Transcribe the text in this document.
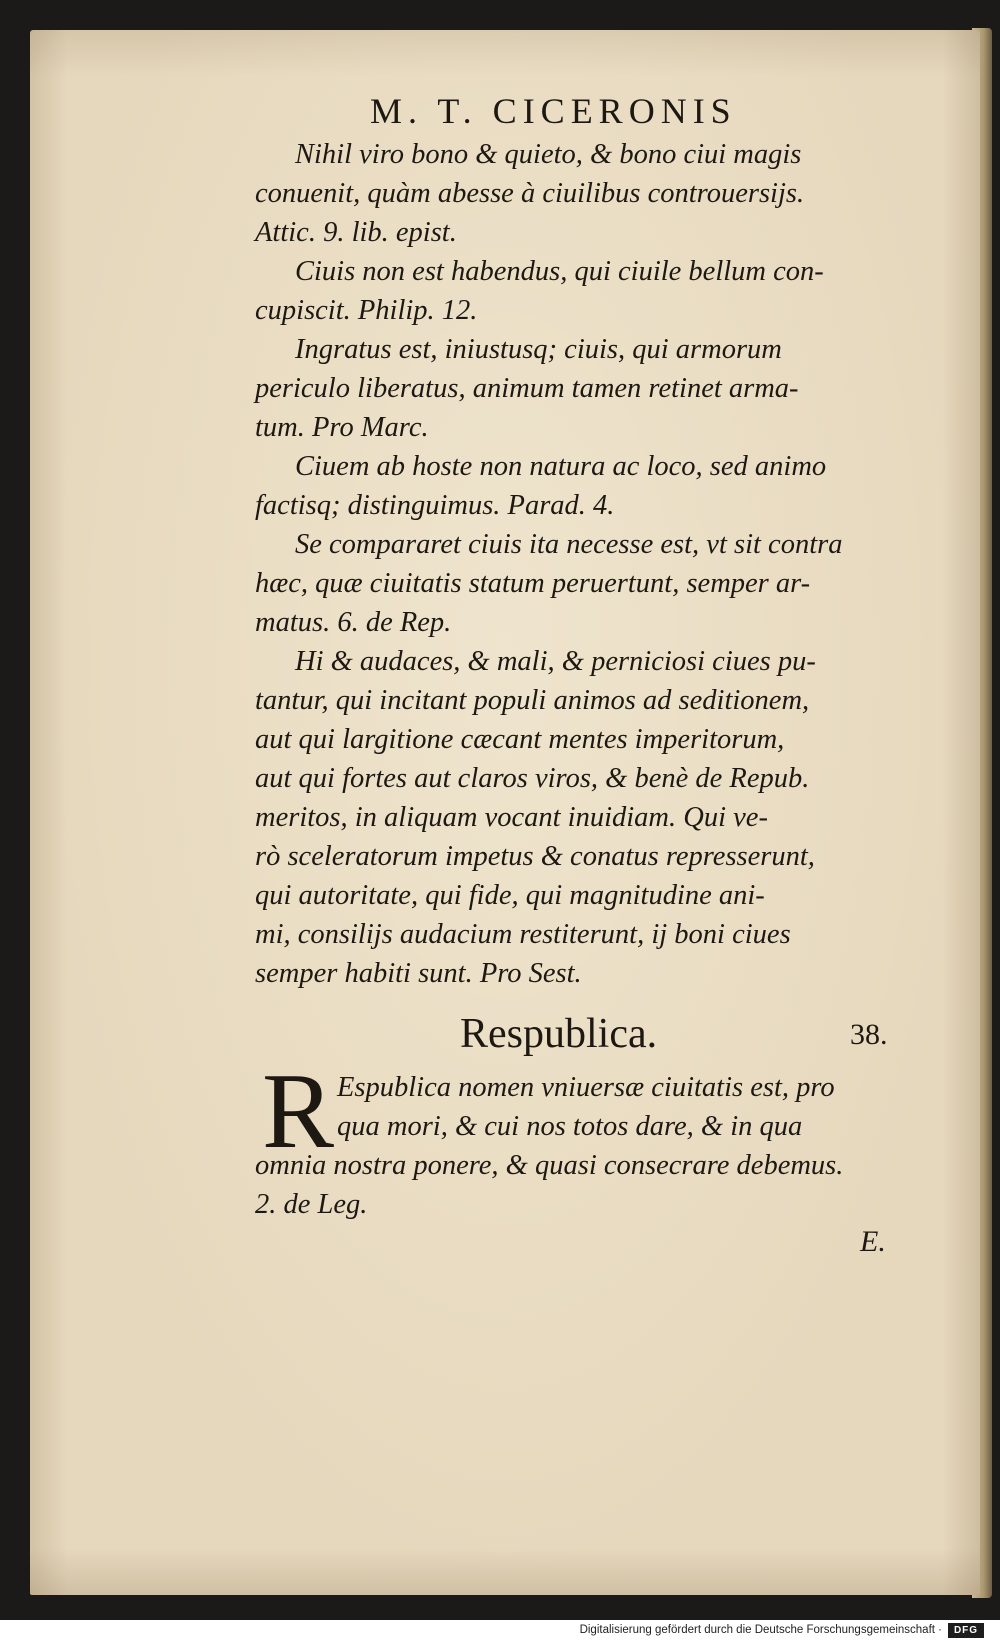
M. T. CICERONIS
Nihil viro bono & quieto, & bono ciui magis
conuenit, quàm abesse à ciuilibus controuersijs.
Attic. 9. lib. epist.
Ciuis non est habendus, qui ciuile bellum con-
cupiscit. Philip. 12.
Ingratus est, iniustusq; ciuis, qui armorum
periculo liberatus, animum tamen retinet arma-
tum. Pro Marc.
Ciuem ab hoste non natura ac loco, sed animo
factisq; distinguimus. Parad. 4.
Se compararet ciuis ita necesse est, vt sit contra
hæc, quæ ciuitatis statum peruertunt, semper ar-
matus. 6. de Rep.
Hi & audaces, & mali, & perniciosi ciues pu-
tantur, qui incitant populi animos ad seditionem,
aut qui largitione cæcant mentes imperitorum,
aut qui fortes aut claros viros, & benè de Repub.
meritos, in aliquam vocant inuidiam. Qui ve-
rò sceleratorum impetus & conatus represserunt,
qui autoritate, qui fide, qui magnitudine ani-
mi, consilijs audacium restiterunt, ij boni ciues
semper habiti sunt. Pro Sest.
Respublica.	38.
R Espublica nomen vniuersæ ciuitatis est, pro
qua mori, & cui nos totos dare, & in qua
omnia nostra ponere, & quasi consecrare debemus.
2. de Leg.
E.
Digitalisierung gefördert durch die Deutsche Forschungsgemeinschaft ·	DFG
